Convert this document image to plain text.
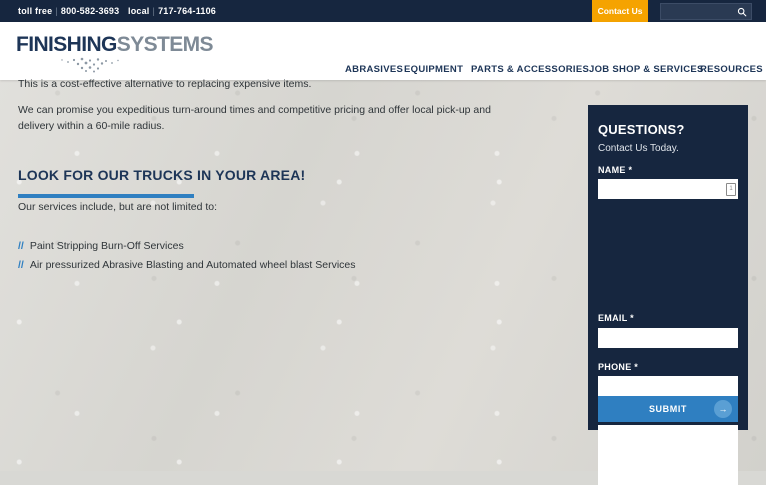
toll free | 800-582-3693 local | 717-764-1106	Contact Us
FINISHINGSYSTEMS
ABRASIVES EQUIPMENT PARTS & ACCESSORIES JOB SHOP & SERVICES
RESOURCES
This is a cost-effective alternative to replacing expensive items.
We can promise you expeditious turn-around times and competitive pricing and offer local pick-up and delivery within a 60-mile radius.
LOOK FOR OUR TRUCKS IN YOUR AREA!
Our services include, but are not limited to:
// Paint Stripping Burn-Off Services
// Air pressurized Abrasive Blasting and Automated wheel blast Services
QUESTIONS?
Contact Us Today.
NAME *
1
EMAIL *
PHONE *
SUBMIT	→
